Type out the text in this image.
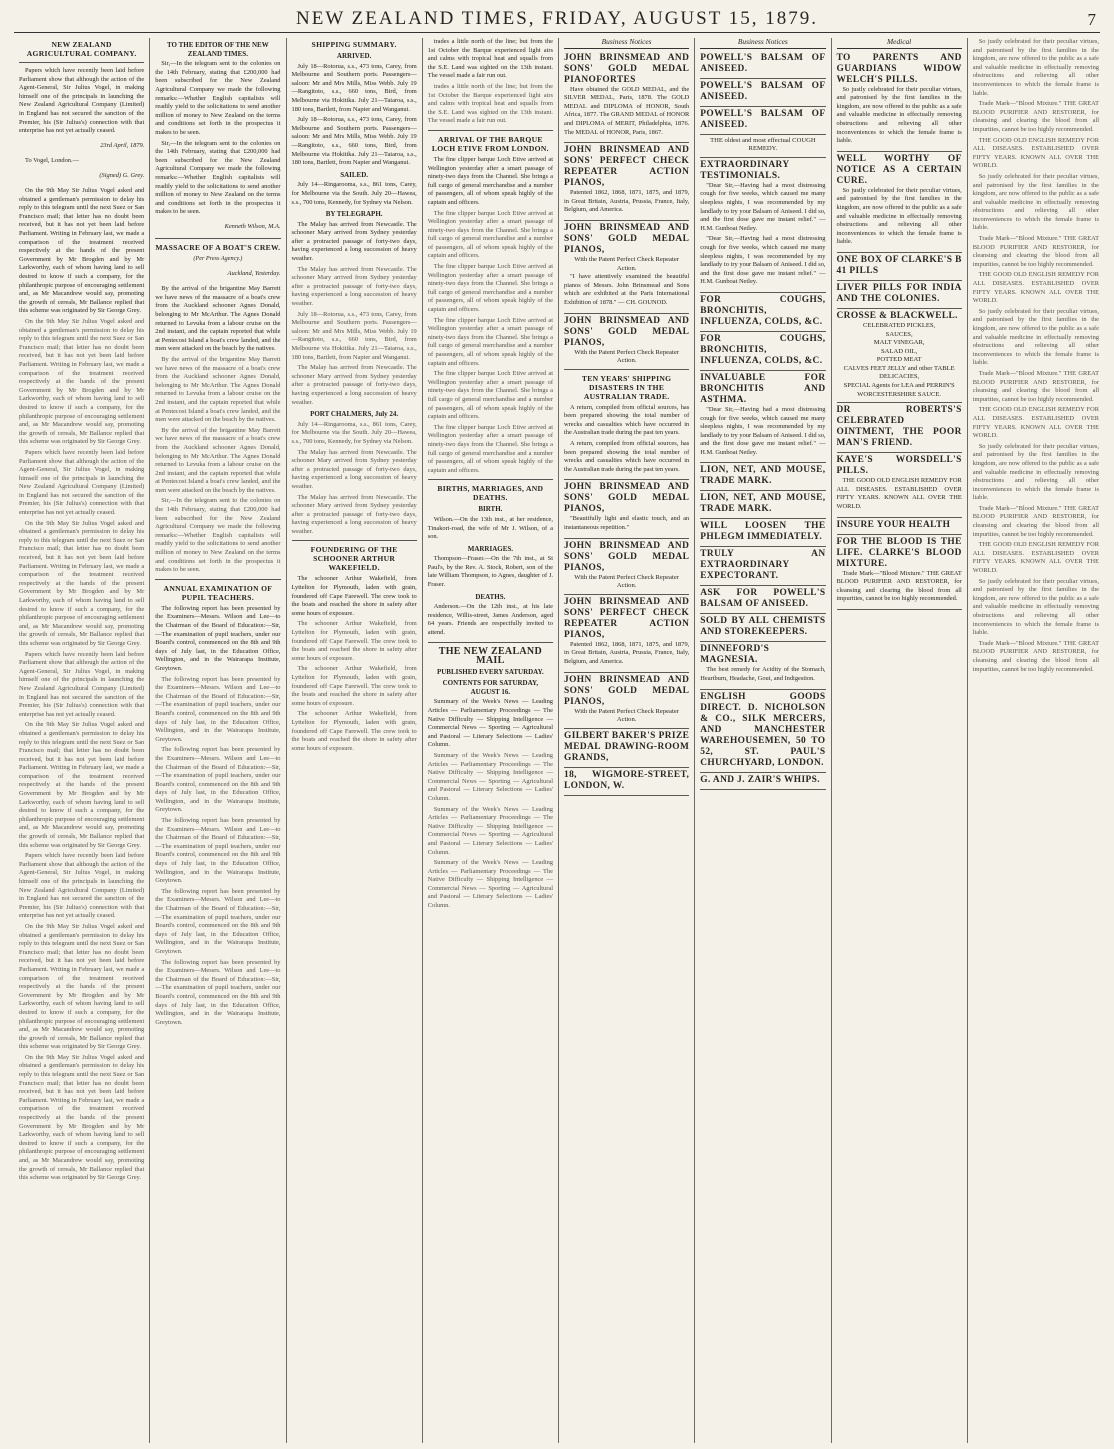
NEW ZEALAND TIMES, FRIDAY, AUGUST 15, 1879.	7
NEW ZEALAND AGRICULTURAL COMPANY.

Papers which have recently been laid before Parliament show that although the action of the Agent-General, Sir Julius Vogel, in making himself one of the principals in launching the New Zealand Agricultural Company (Limited) in England has not secured the sanction of the Premier, his (Sir Julius's) connection with that enterprise has not yet actually ceased.

23rd April, 1879.

To Vogel, London.—

(Signed) G. Grey.

On the 9th May Sir Julius Vogel asked and obtained a gentleman's permission to delay his reply to this telegram until the next Suez or San Francisco mail; that letter has no doubt been received, but it has not yet been laid before Parliament. Writing in February last, we made a comparison of the treatment received respectively at the hands of the present Government by Mr Brogden and by Mr Larkworthy, each of whom having land to sell desired to know if such a company, for the philanthropic purpose of encouraging settlement and, as Mr Macandrew would say, promoting the growth of cereals, Mr Ballance replied that this scheme was originated by Sir George Grey.

On the 9th May Sir Julius Vogel asked and obtained a gentleman's permission to delay his reply to this telegram until the next Suez or San Francisco mail; that letter has no doubt been received, but it has not yet been laid before Parliament. Writing in February last, we made a comparison of the treatment received respectively at the hands of the present Government by Mr Brogden and by Mr Larkworthy, each of whom having land to sell desired to know if such a company, for the philanthropic purpose of encouraging settlement and, as Mr Macandrew would say, promoting the growth of cereals, Mr Ballance replied that this scheme was originated by Sir George Grey.

Papers which have recently been laid before Parliament show that although the action of the Agent-General, Sir Julius Vogel, in making himself one of the principals in launching the New Zealand Agricultural Company (Limited) in England has not secured the sanction of the Premier, his (Sir Julius's) connection with that enterprise has not yet actually ceased.

On the 9th May Sir Julius Vogel asked and obtained a gentleman's permission to delay his reply to this telegram until the next Suez or San Francisco mail; that letter has no doubt been received, but it has not yet been laid before Parliament. Writing in February last, we made a comparison of the treatment received respectively at the hands of the present Government by Mr Brogden and by Mr Larkworthy, each of whom having land to sell desired to know if such a company, for the philanthropic purpose of encouraging settlement and, as Mr Macandrew would say, promoting the growth of cereals, Mr Ballance replied that this scheme was originated by Sir George Grey.

Papers which have recently been laid before Parliament show that although the action of the Agent-General, Sir Julius Vogel, in making himself one of the principals in launching the New Zealand Agricultural Company (Limited) in England has not secured the sanction of the Premier, his (Sir Julius's) connection with that enterprise has not yet actually ceased.

On the 9th May Sir Julius Vogel asked and obtained a gentleman's permission to delay his reply to this telegram until the next Suez or San Francisco mail; that letter has no doubt been received, but it has not yet been laid before Parliament. Writing in February last, we made a comparison of the treatment received respectively at the hands of the present Government by Mr Brogden and by Mr Larkworthy, each of whom having land to sell desired to know if such a company, for the philanthropic purpose of encouraging settlement and, as Mr Macandrew would say, promoting the growth of cereals, Mr Ballance replied that this scheme was originated by Sir George Grey.

Papers which have recently been laid before Parliament show that although the action of the Agent-General, Sir Julius Vogel, in making himself one of the principals in launching the New Zealand Agricultural Company (Limited) in England has not secured the sanction of the Premier, his (Sir Julius's) connection with that enterprise has not yet actually ceased.

On the 9th May Sir Julius Vogel asked and obtained a gentleman's permission to delay his reply to this telegram until the next Suez or San Francisco mail; that letter has no doubt been received, but it has not yet been laid before Parliament. Writing in February last, we made a comparison of the treatment received respectively at the hands of the present Government by Mr Brogden and by Mr Larkworthy, each of whom having land to sell desired to know if such a company, for the philanthropic purpose of encouraging settlement and, as Mr Macandrew would say, promoting the growth of cereals, Mr Ballance replied that this scheme was originated by Sir George Grey.

On the 9th May Sir Julius Vogel asked and obtained a gentleman's permission to delay his reply to this telegram until the next Suez or San Francisco mail; that letter has no doubt been received, but it has not yet been laid before Parliament. Writing in February last, we made a comparison of the treatment received respectively at the hands of the present Government by Mr Brogden and by Mr Larkworthy, each of whom having land to sell desired to know if such a company, for the philanthropic purpose of encouraging settlement and, as Mr Macandrew would say, promoting the growth of cereals, Mr Ballance replied that this scheme was originated by Sir George Grey.

TO THE EDITOR OF THE NEW ZEALAND TIMES.

Sir,—In the telegram sent to the colonies on the 14th February, stating that £200,000 had been subscribed for the New Zealand Agricultural Company we made the following remarks:—Whether English capitalists will readily yield to the solicitations to send another million of money to New Zealand on the terms and conditions set forth in the prospectus it makes to be seen.

Sir,—In the telegram sent to the colonies on the 14th February, stating that £200,000 had been subscribed for the New Zealand Agricultural Company we made the following remarks:—Whether English capitalists will readily yield to the solicitations to send another million of money to New Zealand on the terms and conditions set forth in the prospectus it makes to be seen.

Kenneth Wilson, M.A.

MASSACRE OF A BOAT'S CREW.
(Per Press Agency.)

Auckland, Yesterday.

By the arrival of the brigantine May Barrett we have news of the massacre of a boat's crew from the Auckland schooner Agnes Donald, belonging to Mr McArthur. The Agnes Donald returned to Levuka from a labour cruise on the 2nd instant, and the captain reported that while at Pentecost Island a boat's crew landed, and the men were attacked on the beach by the natives.

By the arrival of the brigantine May Barrett we have news of the massacre of a boat's crew from the Auckland schooner Agnes Donald, belonging to Mr McArthur. The Agnes Donald returned to Levuka from a labour cruise on the 2nd instant, and the captain reported that while at Pentecost Island a boat's crew landed, and the men were attacked on the beach by the natives.

By the arrival of the brigantine May Barrett we have news of the massacre of a boat's crew from the Auckland schooner Agnes Donald, belonging to Mr McArthur. The Agnes Donald returned to Levuka from a labour cruise on the 2nd instant, and the captain reported that while at Pentecost Island a boat's crew landed, and the men were attacked on the beach by the natives.

Sir,—In the telegram sent to the colonies on the 14th February, stating that £200,000 had been subscribed for the New Zealand Agricultural Company we made the following remarks:—Whether English capitalists will readily yield to the solicitations to send another million of money to New Zealand on the terms and conditions set forth in the prospectus it makes to be seen.

ANNUAL EXAMINATION OF PUPIL TEACHERS.

The following report has been presented by the Examiners—Messrs. Wilson and Lee—to the Chairman of the Board of Education:—Sir,—The examination of pupil teachers, under our Board's control, commenced on the 8th and 9th days of July last, in the Education Office, Wellington, and in the Wairarapa Institute, Greytown.

The following report has been presented by the Examiners—Messrs. Wilson and Lee—to the Chairman of the Board of Education:—Sir,—The examination of pupil teachers, under our Board's control, commenced on the 8th and 9th days of July last, in the Education Office, Wellington, and in the Wairarapa Institute, Greytown.

The following report has been presented by the Examiners—Messrs. Wilson and Lee—to the Chairman of the Board of Education:—Sir,—The examination of pupil teachers, under our Board's control, commenced on the 8th and 9th days of July last, in the Education Office, Wellington, and in the Wairarapa Institute, Greytown.

The following report has been presented by the Examiners—Messrs. Wilson and Lee—to the Chairman of the Board of Education:—Sir,—The examination of pupil teachers, under our Board's control, commenced on the 8th and 9th days of July last, in the Education Office, Wellington, and in the Wairarapa Institute, Greytown.

The following report has been presented by the Examiners—Messrs. Wilson and Lee—to the Chairman of the Board of Education:—Sir,—The examination of pupil teachers, under our Board's control, commenced on the 8th and 9th days of July last, in the Education Office, Wellington, and in the Wairarapa Institute, Greytown.

The following report has been presented by the Examiners—Messrs. Wilson and Lee—to the Chairman of the Board of Education:—Sir,—The examination of pupil teachers, under our Board's control, commenced on the 8th and 9th days of July last, in the Education Office, Wellington, and in the Wairarapa Institute, Greytown.

SHIPPING SUMMARY.
ARRIVED.

July 18—Rotorua, s.s., 473 tons, Carey, from Melbourne and Southern ports. Passengers—saloon: Mr and Mrs Mills, Miss Webb. July 19—Rangitoto, s.s., 660 tons, Bird, from Melbourne via Hokitika. July 21—Taiaroa, s.s., 180 tons, Bartlett, from Napier and Wanganui.

July 18—Rotorua, s.s., 473 tons, Carey, from Melbourne and Southern ports. Passengers—saloon: Mr and Mrs Mills, Miss Webb. July 19—Rangitoto, s.s., 660 tons, Bird, from Melbourne via Hokitika. July 21—Taiaroa, s.s., 180 tons, Bartlett, from Napier and Wanganui.

SAILED.

July 14—Ringarooma, s.s., 861 tons, Carey, for Melbourne via the South. July 20—Hawea, s.s., 700 tons, Kennedy, for Sydney via Nelson.

BY TELEGRAPH.

The Malay has arrived from Newcastle. The schooner Mary arrived from Sydney yesterday after a protracted passage of forty-two days, having experienced a long succession of heavy weather.

The Malay has arrived from Newcastle. The schooner Mary arrived from Sydney yesterday after a protracted passage of forty-two days, having experienced a long succession of heavy weather.

July 18—Rotorua, s.s., 473 tons, Carey, from Melbourne and Southern ports. Passengers—saloon: Mr and Mrs Mills, Miss Webb. July 19—Rangitoto, s.s., 660 tons, Bird, from Melbourne via Hokitika. July 21—Taiaroa, s.s., 180 tons, Bartlett, from Napier and Wanganui.

The Malay has arrived from Newcastle. The schooner Mary arrived from Sydney yesterday after a protracted passage of forty-two days, having experienced a long succession of heavy weather.

PORT CHALMERS, July 24.

July 14—Ringarooma, s.s., 861 tons, Carey, for Melbourne via the South. July 20—Hawea, s.s., 700 tons, Kennedy, for Sydney via Nelson.

The Malay has arrived from Newcastle. The schooner Mary arrived from Sydney yesterday after a protracted passage of forty-two days, having experienced a long succession of heavy weather.

The Malay has arrived from Newcastle. The schooner Mary arrived from Sydney yesterday after a protracted passage of forty-two days, having experienced a long succession of heavy weather.

FOUNDERING OF THE SCHOONER ARTHUR WAKEFIELD.

The schooner Arthur Wakefield, from Lyttelton for Plymouth, laden with grain, foundered off Cape Farewell. The crew took to the boats and reached the shore in safety after some hours of exposure.

The schooner Arthur Wakefield, from Lyttelton for Plymouth, laden with grain, foundered off Cape Farewell. The crew took to the boats and reached the shore in safety after some hours of exposure.

The schooner Arthur Wakefield, from Lyttelton for Plymouth, laden with grain, foundered off Cape Farewell. The crew took to the boats and reached the shore in safety after some hours of exposure.

The schooner Arthur Wakefield, from Lyttelton for Plymouth, laden with grain, foundered off Cape Farewell. The crew took to the boats and reached the shore in safety after some hours of exposure.

trades a little north of the line; but from the 1st October the Barque experienced light airs and calms with tropical heat and squalls from the S.E. Land was sighted on the 13th instant. The vessel made a fair run out.

trades a little north of the line; but from the 1st October the Barque experienced light airs and calms with tropical heat and squalls from the S.E. Land was sighted on the 13th instant. The vessel made a fair run out.

ARRIVAL OF THE BARQUE LOCH ETIVE FROM LONDON.

The fine clipper barque Loch Etive arrived at Wellington yesterday after a smart passage of ninety-two days from the Channel. She brings a full cargo of general merchandise and a number of passengers, all of whom speak highly of the captain and officers.

The fine clipper barque Loch Etive arrived at Wellington yesterday after a smart passage of ninety-two days from the Channel. She brings a full cargo of general merchandise and a number of passengers, all of whom speak highly of the captain and officers.

The fine clipper barque Loch Etive arrived at Wellington yesterday after a smart passage of ninety-two days from the Channel. She brings a full cargo of general merchandise and a number of passengers, all of whom speak highly of the captain and officers.

The fine clipper barque Loch Etive arrived at Wellington yesterday after a smart passage of ninety-two days from the Channel. She brings a full cargo of general merchandise and a number of passengers, all of whom speak highly of the captain and officers.

The fine clipper barque Loch Etive arrived at Wellington yesterday after a smart passage of ninety-two days from the Channel. She brings a full cargo of general merchandise and a number of passengers, all of whom speak highly of the captain and officers.

The fine clipper barque Loch Etive arrived at Wellington yesterday after a smart passage of ninety-two days from the Channel. She brings a full cargo of general merchandise and a number of passengers, all of whom speak highly of the captain and officers.

BIRTHS, MARRIAGES, AND DEATHS.
BIRTH.

Wilson.—On the 13th inst., at her residence, Tinakori-road, the wife of Mr J. Wilson, of a son.

MARRIAGES.

Thompson—Fraser.—On the 7th inst., at St Paul's, by the Rev. A. Stock, Robert, son of the late William Thompson, to Agnes, daughter of J. Fraser.

DEATHS.

Anderson.—On the 12th inst., at his late residence, Willis-street, James Anderson, aged 64 years. Friends are respectfully invited to attend.

THE NEW ZEALAND MAIL
PUBLISHED EVERY SATURDAY.
CONTENTS FOR SATURDAY, AUGUST 16.

Summary of the Week's News — Leading Articles — Parliamentary Proceedings — The Native Difficulty — Shipping Intelligence — Commercial News — Sporting — Agricultural and Pastoral — Literary Selections — Ladies' Column.

Summary of the Week's News — Leading Articles — Parliamentary Proceedings — The Native Difficulty — Shipping Intelligence — Commercial News — Sporting — Agricultural and Pastoral — Literary Selections — Ladies' Column.

Summary of the Week's News — Leading Articles — Parliamentary Proceedings — The Native Difficulty — Shipping Intelligence — Commercial News — Sporting — Agricultural and Pastoral — Literary Selections — Ladies' Column.

Summary of the Week's News — Leading Articles — Parliamentary Proceedings — The Native Difficulty — Shipping Intelligence — Commercial News — Sporting — Agricultural and Pastoral — Literary Selections — Ladies' Column.

Business Notices
JOHN BRINSMEAD AND SONS' GOLD MEDAL PIANOFORTES

Have obtained the GOLD MEDAL, and the SILVER MEDAL, Paris, 1878. The GOLD MEDAL and DIPLOMA of HONOR, South Africa, 1877. The GRAND MEDAL of HONOR and DIPLOMA of MERIT, Philadelphia, 1876. The MEDAL of HONOR, Paris, 1867.

JOHN BRINSMEAD AND SONS' PERFECT CHECK REPEATER ACTION PIANOS,

Patented 1862, 1868, 1871, 1875, and 1879, in Great Britain, Austria, Prussia, France, Italy, Belgium, and America.

JOHN BRINSMEAD AND SONS' GOLD MEDAL PIANOS,
With the Patent Perfect Check Repeater Action.

"I have attentively examined the beautiful pianos of Messrs. John Brinsmead and Sons which are exhibited at the Paris International Exhibition of 1878." — CH. GOUNOD.

JOHN BRINSMEAD AND SONS' GOLD MEDAL PIANOS,
With the Patent Perfect Check Repeater Action.
TEN YEARS' SHIPPING DISASTERS IN THE AUSTRALIAN TRADE.

A return, compiled from official sources, has been prepared showing the total number of wrecks and casualties which have occurred in the Australian trade during the past ten years.

A return, compiled from official sources, has been prepared showing the total number of wrecks and casualties which have occurred in the Australian trade during the past ten years.

JOHN BRINSMEAD AND SONS' GOLD MEDAL PIANOS,

"Beautifully light and elastic touch, and an instantaneous repetition."

JOHN BRINSMEAD AND SONS' GOLD MEDAL PIANOS,
With the Patent Perfect Check Repeater Action.
JOHN BRINSMEAD AND SONS' PERFECT CHECK REPEATER ACTION PIANOS,

Patented 1862, 1868, 1871, 1875, and 1879, in Great Britain, Austria, Prussia, France, Italy, Belgium, and America.

JOHN BRINSMEAD AND SONS' GOLD MEDAL PIANOS,
With the Patent Perfect Check Repeater Action.
GILBERT BAKER'S PRIZE MEDAL DRAWING-ROOM GRANDS,
18, WIGMORE-STREET, LONDON, W.
Business Notices
POWELL'S BALSAM OF ANISEED.
POWELL'S BALSAM OF ANISEED.
POWELL'S BALSAM OF ANISEED.
THE oldest and most effectual COUGH REMEDY.
EXTRAORDINARY TESTIMONIALS.

"Dear Sir,—Having had a most distressing cough for five weeks, which caused me many sleepless nights, I was recommended by my landlady to try your Balsam of Aniseed. I did so, and the first dose gave me instant relief." — H.M. Gunboat Netley.

"Dear Sir,—Having had a most distressing cough for five weeks, which caused me many sleepless nights, I was recommended by my landlady to try your Balsam of Aniseed. I did so, and the first dose gave me instant relief." — H.M. Gunboat Netley.

FOR COUGHS, BRONCHITIS, INFLUENZA, COLDS, &C.
FOR COUGHS, BRONCHITIS, INFLUENZA, COLDS, &C.
INVALUABLE FOR BRONCHITIS AND ASTHMA.

"Dear Sir,—Having had a most distressing cough for five weeks, which caused me many sleepless nights, I was recommended by my landlady to try your Balsam of Aniseed. I did so, and the first dose gave me instant relief." — H.M. Gunboat Netley.

LION, NET, AND MOUSE, TRADE MARK.
LION, NET, AND MOUSE, TRADE MARK.
WILL LOOSEN THE PHLEGM IMMEDIATELY.
TRULY AN EXTRAORDINARY EXPECTORANT.
ASK FOR POWELL'S BALSAM OF ANISEED.
SOLD BY ALL CHEMISTS AND STOREKEEPERS.
DINNEFORD'S MAGNESIA.

The best remedy for Acidity of the Stomach, Heartburn, Headache, Gout, and Indigestion.

ENGLISH GOODS DIRECT. D. NICHOLSON & CO., SILK MERCERS, AND MANCHESTER WAREHOUSEMEN, 50 TO 52, ST. PAUL'S CHURCHYARD, LONDON.
G. AND J. ZAIR'S WHIPS.
Medical
TO PARENTS AND GUARDIANS WIDOW WELCH'S PILLS.

So justly celebrated for their peculiar virtues, and patronised by the first families in the kingdom, are now offered to the public as a safe and valuable medicine in effectually removing obstructions and relieving all other inconveniences to which the female frame is liable.

WELL WORTHY OF NOTICE AS A CERTAIN CURE.

So justly celebrated for their peculiar virtues, and patronised by the first families in the kingdom, are now offered to the public as a safe and valuable medicine in effectually removing obstructions and relieving all other inconveniences to which the female frame is liable.

ONE BOX OF CLARKE'S B 41 PILLS
LIVER PILLS FOR INDIA AND THE COLONIES.
CROSSE & BLACKWELL.
CELEBRATED PICKLES,
SAUCES,
MALT VINEGAR,
SALAD OIL,
POTTED MEAT
CALVES FEET JELLY and other TABLE DELICACIES,
SPECIAL Agents for LEA and PERRIN'S WORCESTERSHIRE SAUCE.
DR ROBERTS'S CELEBRATED OINTMENT, THE POOR MAN'S FRIEND.
KAYE'S WORSDELL'S PILLS.

THE GOOD OLD ENGLISH REMEDY FOR ALL DISEASES. ESTABLISHED OVER FIFTY YEARS. KNOWN ALL OVER THE WORLD.

INSURE YOUR HEALTH
FOR THE BLOOD IS THE LIFE. CLARKE'S BLOOD MIXTURE.

Trade Mark—"Blood Mixture." THE GREAT BLOOD PURIFIER AND RESTORER, for cleansing and clearing the blood from all impurities, cannot be too highly recommended.

So justly celebrated for their peculiar virtues, and patronised by the first families in the kingdom, are now offered to the public as a safe and valuable medicine in effectually removing obstructions and relieving all other inconveniences to which the female frame is liable.

Trade Mark—"Blood Mixture." THE GREAT BLOOD PURIFIER AND RESTORER, for cleansing and clearing the blood from all impurities, cannot be too highly recommended.

THE GOOD OLD ENGLISH REMEDY FOR ALL DISEASES. ESTABLISHED OVER FIFTY YEARS. KNOWN ALL OVER THE WORLD.

So justly celebrated for their peculiar virtues, and patronised by the first families in the kingdom, are now offered to the public as a safe and valuable medicine in effectually removing obstructions and relieving all other inconveniences to which the female frame is liable.

Trade Mark—"Blood Mixture." THE GREAT BLOOD PURIFIER AND RESTORER, for cleansing and clearing the blood from all impurities, cannot be too highly recommended.

THE GOOD OLD ENGLISH REMEDY FOR ALL DISEASES. ESTABLISHED OVER FIFTY YEARS. KNOWN ALL OVER THE WORLD.

So justly celebrated for their peculiar virtues, and patronised by the first families in the kingdom, are now offered to the public as a safe and valuable medicine in effectually removing obstructions and relieving all other inconveniences to which the female frame is liable.

Trade Mark—"Blood Mixture." THE GREAT BLOOD PURIFIER AND RESTORER, for cleansing and clearing the blood from all impurities, cannot be too highly recommended.

THE GOOD OLD ENGLISH REMEDY FOR ALL DISEASES. ESTABLISHED OVER FIFTY YEARS. KNOWN ALL OVER THE WORLD.

So justly celebrated for their peculiar virtues, and patronised by the first families in the kingdom, are now offered to the public as a safe and valuable medicine in effectually removing obstructions and relieving all other inconveniences to which the female frame is liable.

Trade Mark—"Blood Mixture." THE GREAT BLOOD PURIFIER AND RESTORER, for cleansing and clearing the blood from all impurities, cannot be too highly recommended.

THE GOOD OLD ENGLISH REMEDY FOR ALL DISEASES. ESTABLISHED OVER FIFTY YEARS. KNOWN ALL OVER THE WORLD.

So justly celebrated for their peculiar virtues, and patronised by the first families in the kingdom, are now offered to the public as a safe and valuable medicine in effectually removing obstructions and relieving all other inconveniences to which the female frame is liable.

Trade Mark—"Blood Mixture." THE GREAT BLOOD PURIFIER AND RESTORER, for cleansing and clearing the blood from all impurities, cannot be too highly recommended.
